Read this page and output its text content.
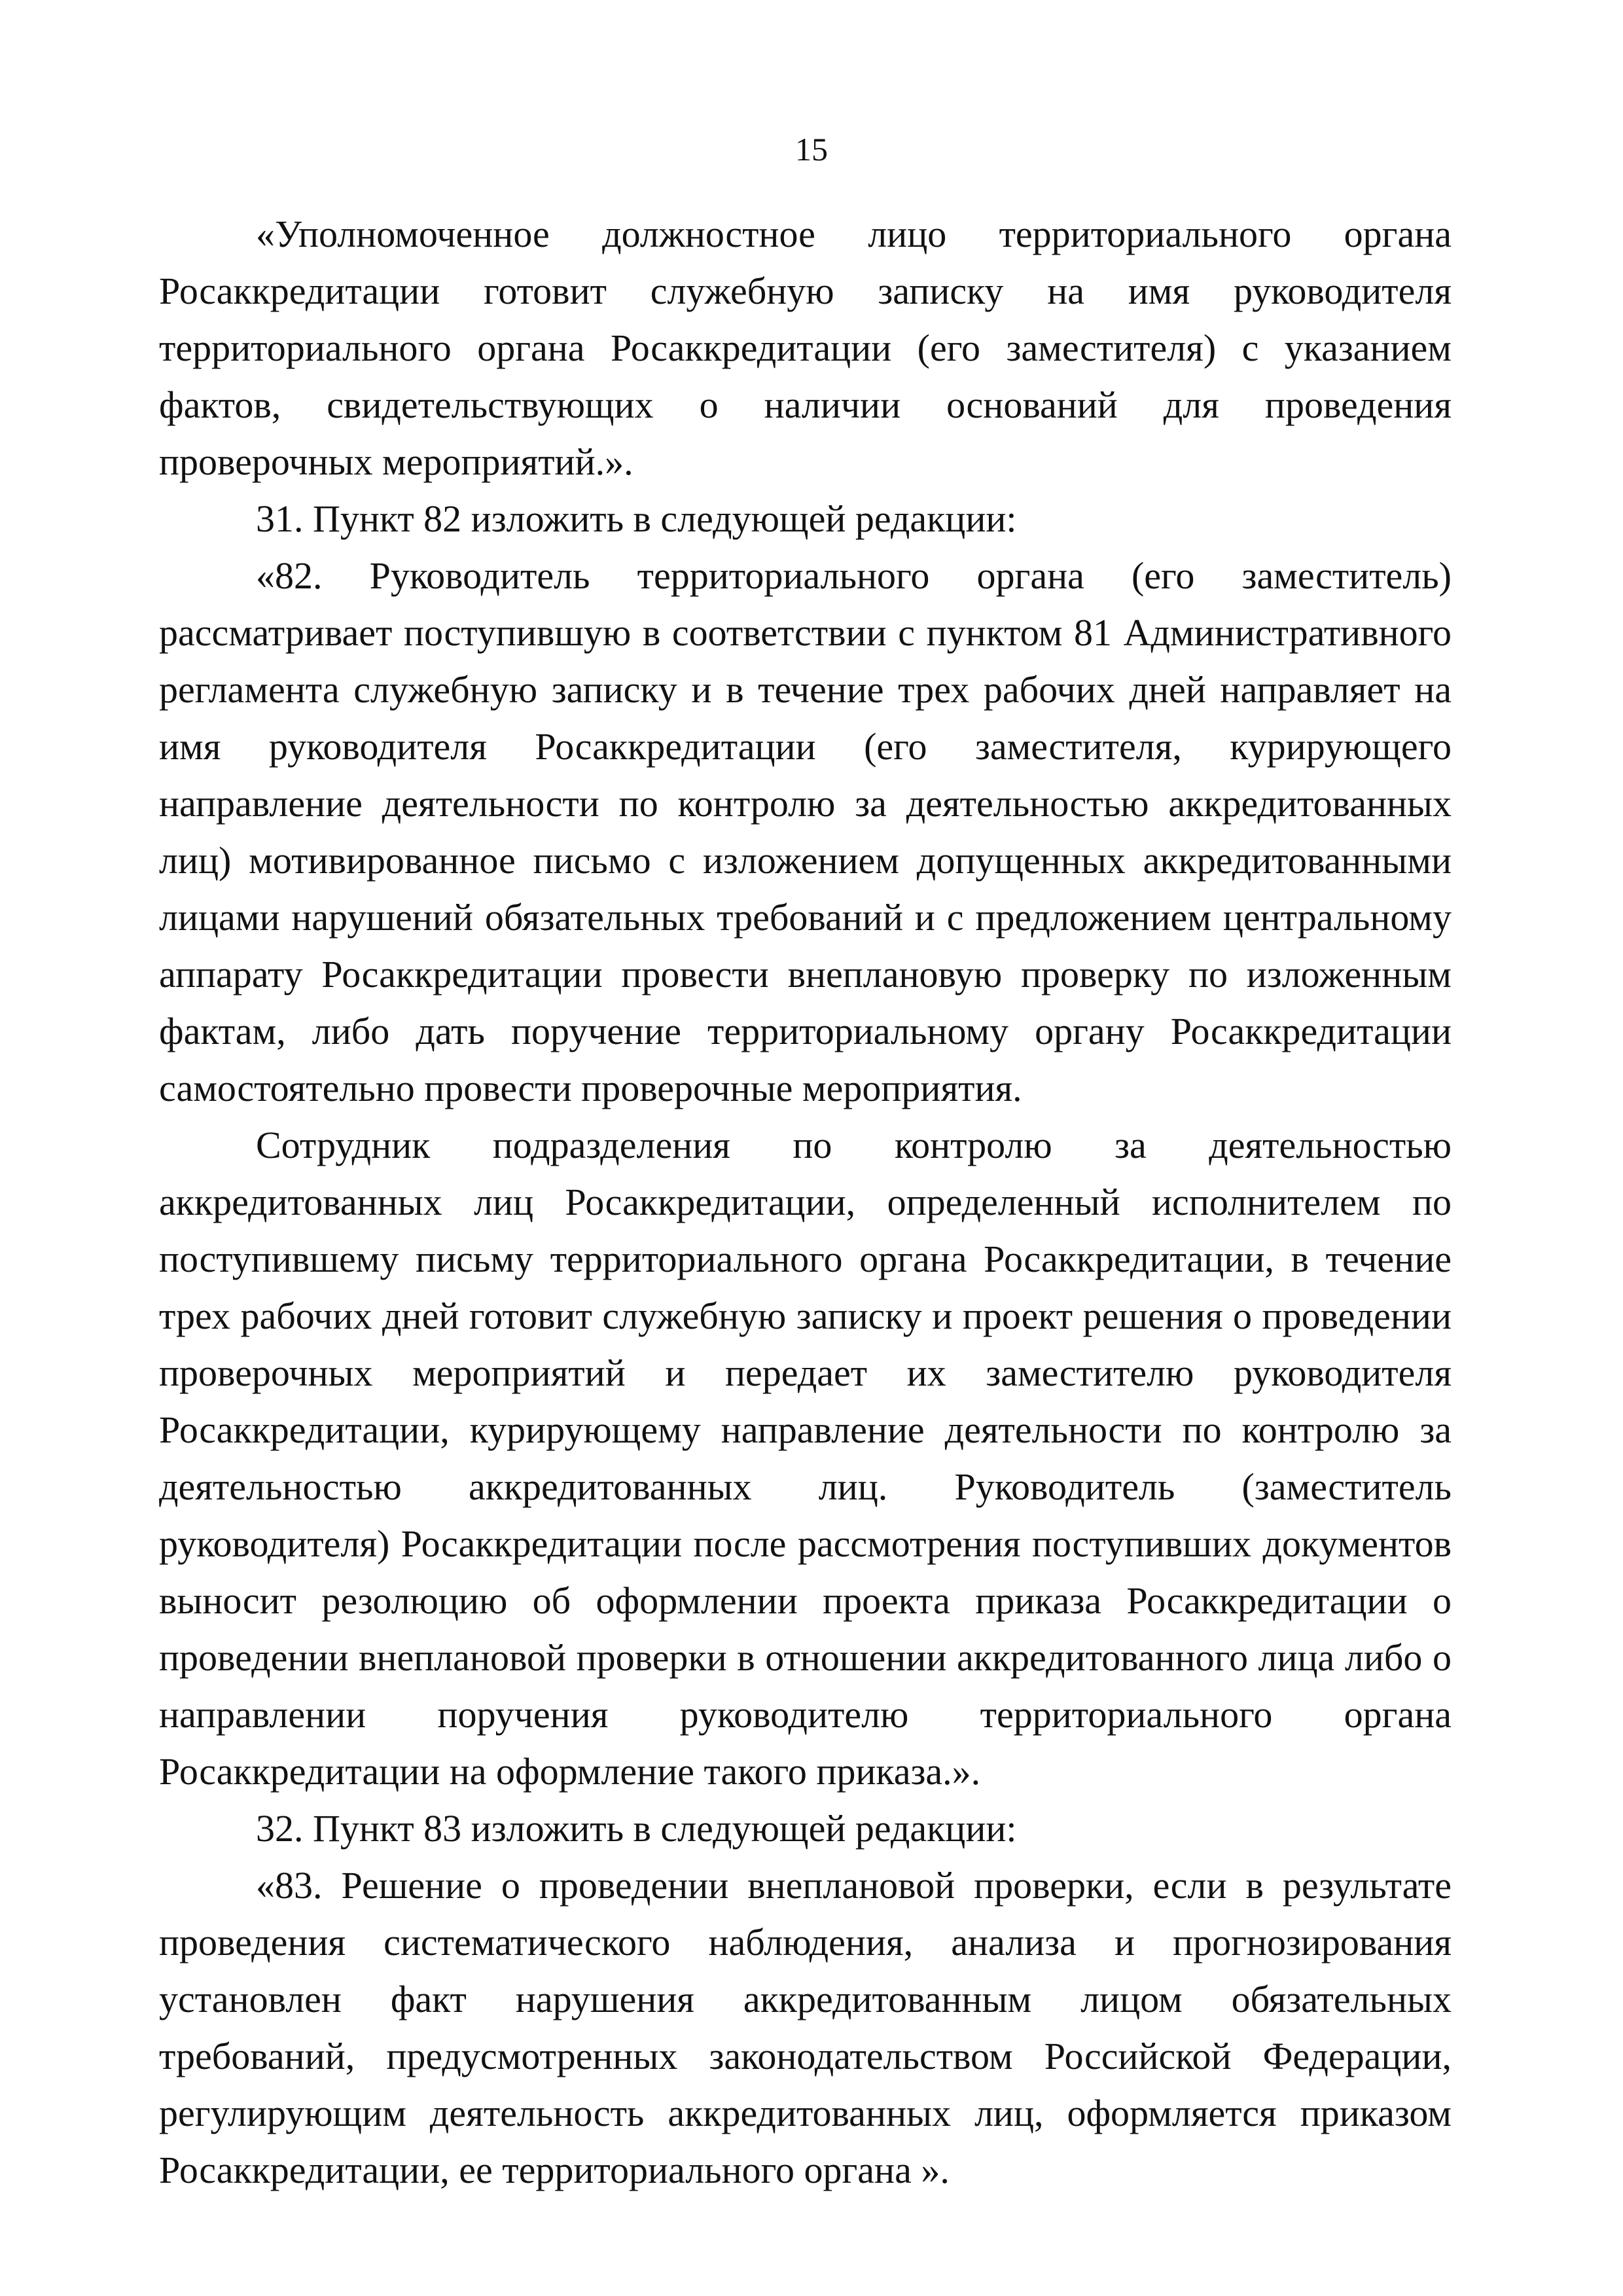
15

«Уполномоченное должностное лицо территориального органа Росаккредитации готовит служебную записку на имя руководителя территориального органа Росаккредитации (его заместителя) с указанием фактов, свидетельствующих о наличии оснований для проведения проверочных мероприятий.».

31. Пункт 82 изложить в следующей редакции:

«82. Руководитель территориального органа (его заместитель) рассматривает поступившую в соответствии с пунктом 81 Административного регламента служебную записку и в течение трех рабочих дней направляет на имя руководителя Росаккредитации (его заместителя, курирующего направление деятельности по контролю за деятельностью аккредитованных лиц) мотивированное письмо с изложением допущенных аккредитованными лицами нарушений обязательных требований и с предложением центральному аппарату Росаккредитации провести внеплановую проверку по изложенным фактам, либо дать поручение территориальному органу Росаккредитации самостоятельно провести проверочные мероприятия.

Сотрудник подразделения по контролю за деятельностью аккредитованных лиц Росаккредитации, определенный исполнителем по поступившему письму территориального органа Росаккредитации, в течение трех рабочих дней готовит служебную записку и проект решения о проведении проверочных мероприятий и передает их заместителю руководителя Росаккредитации, курирующему направление деятельности по контролю за деятельностью аккредитованных лиц. Руководитель (заместитель руководителя) Росаккредитации после рассмотрения поступивших документов выносит резолюцию об оформлении проекта приказа Росаккредитации о проведении внеплановой проверки в отношении аккредитованного лица либо о направлении поручения руководителю территориального органа Росаккредитации на оформление такого приказа.».

32. Пункт 83 изложить в следующей редакции:

«83. Решение о проведении внеплановой проверки, если в результате проведения систематического наблюдения, анализа и прогнозирования установлен факт нарушения аккредитованным лицом обязательных требований, предусмотренных законодательством Российской Федерации, регулирующим деятельность аккредитованных лиц, оформляется приказом Росаккредитации, ее территориального органа ».
